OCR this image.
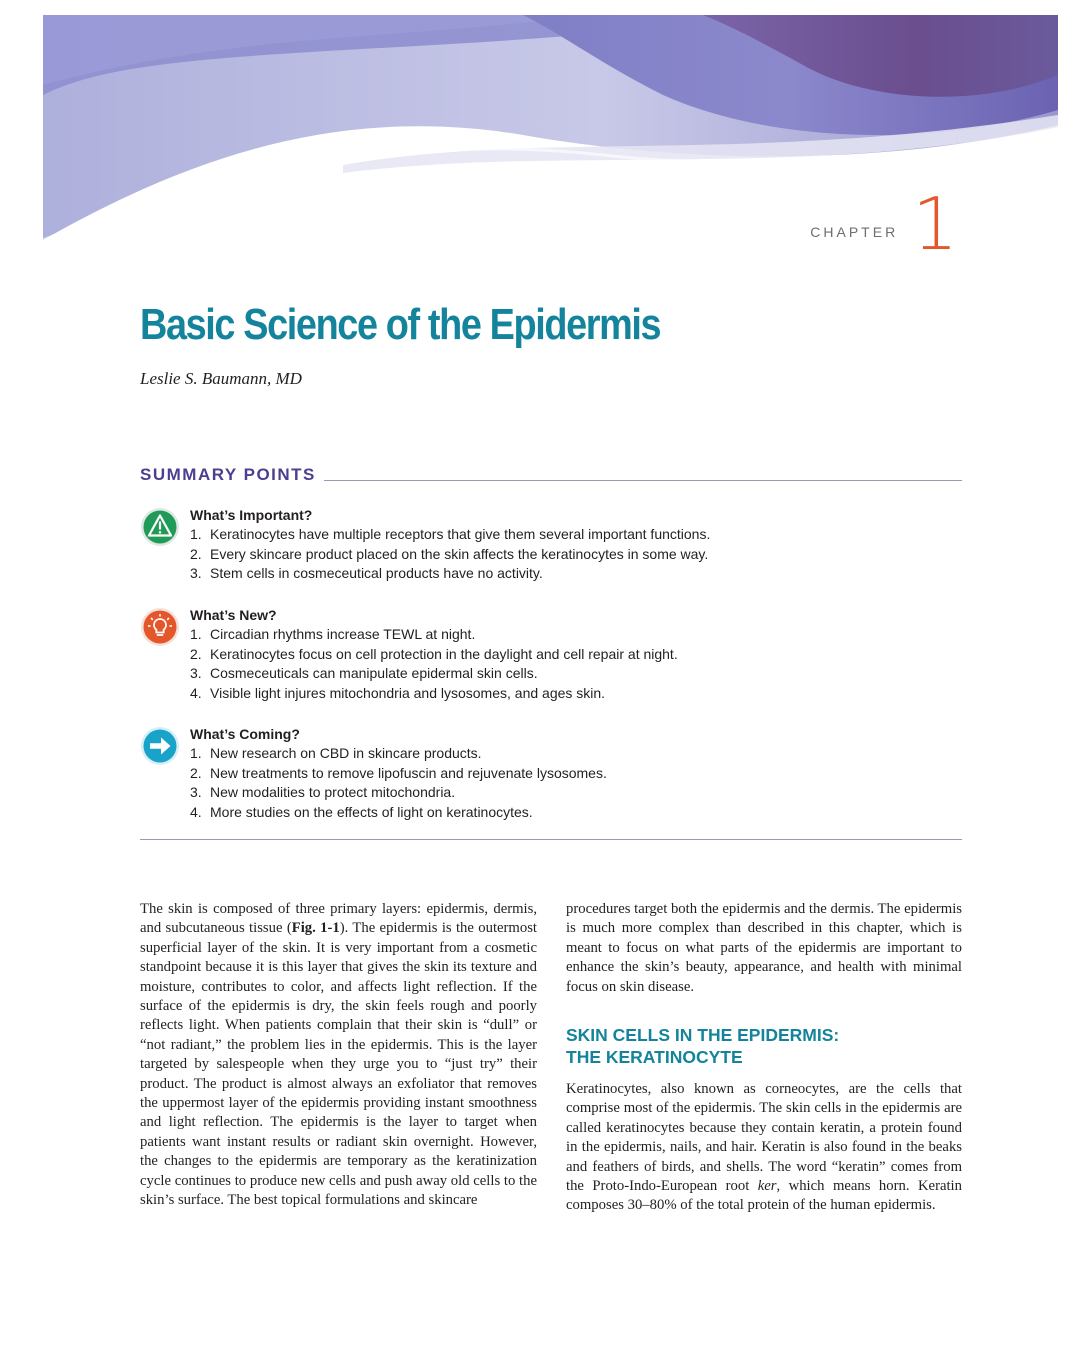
CHAPTER 1
Basic Science of the Epidermis
Leslie S. Baumann, MD
SUMMARY POINTS
What’s Important?
1. Keratinocytes have multiple receptors that give them several important functions.
2. Every skincare product placed on the skin affects the keratinocytes in some way.
3. Stem cells in cosmeceutical products have no activity.
What’s New?
1. Circadian rhythms increase TEWL at night.
2. Keratinocytes focus on cell protection in the daylight and cell repair at night.
3. Cosmeceuticals can manipulate epidermal skin cells.
4. Visible light injures mitochondria and lysosomes, and ages skin.
What’s Coming?
1. New research on CBD in skincare products.
2. New treatments to remove lipofuscin and rejuvenate lysosomes.
3. New modalities to protect mitochondria.
4. More studies on the effects of light on keratinocytes.

The skin is composed of three primary layers: epidermis, dermis, and subcutaneous tissue (Fig. 1-1). The epidermis is the outermost superficial layer of the skin. It is very important from a cosmetic standpoint because it is this layer that gives the skin its texture and moisture, contributes to color, and affects light reflection. If the surface of the epidermis is dry, the skin feels rough and poorly reflects light. When patients complain that their skin is “dull” or “not radiant,” the problem lies in the epidermis. This is the layer targeted by salespeople when they urge you to “just try” their product. The product is almost always an exfoliator that removes the uppermost layer of the epidermis providing instant smoothness and light reflection. The epidermis is the layer to target when patients want instant results or radiant skin overnight. However, the changes to the epidermis are temporary as the keratinization cycle continues to produce new cells and push away old cells to the skin’s surface. The best topical formulations and skincare

procedures target both the epidermis and the dermis. The epidermis is much more complex than described in this chapter, which is meant to focus on what parts of the epidermis are important to enhance the skin’s beauty, appearance, and health with minimal focus on skin disease.

SKIN CELLS IN THE EPIDERMIS:
THE KERATINOCYTE

Keratinocytes, also known as corneocytes, are the cells that comprise most of the epidermis. The skin cells in the epidermis are called keratinocytes because they contain keratin, a protein found in the epidermis, nails, and hair. Keratin is also found in the beaks and feathers of birds, and shells. The word “keratin” comes from the Proto-Indo-European root ker, which means horn. Keratin composes 30–80% of the total protein of the human epidermis.
